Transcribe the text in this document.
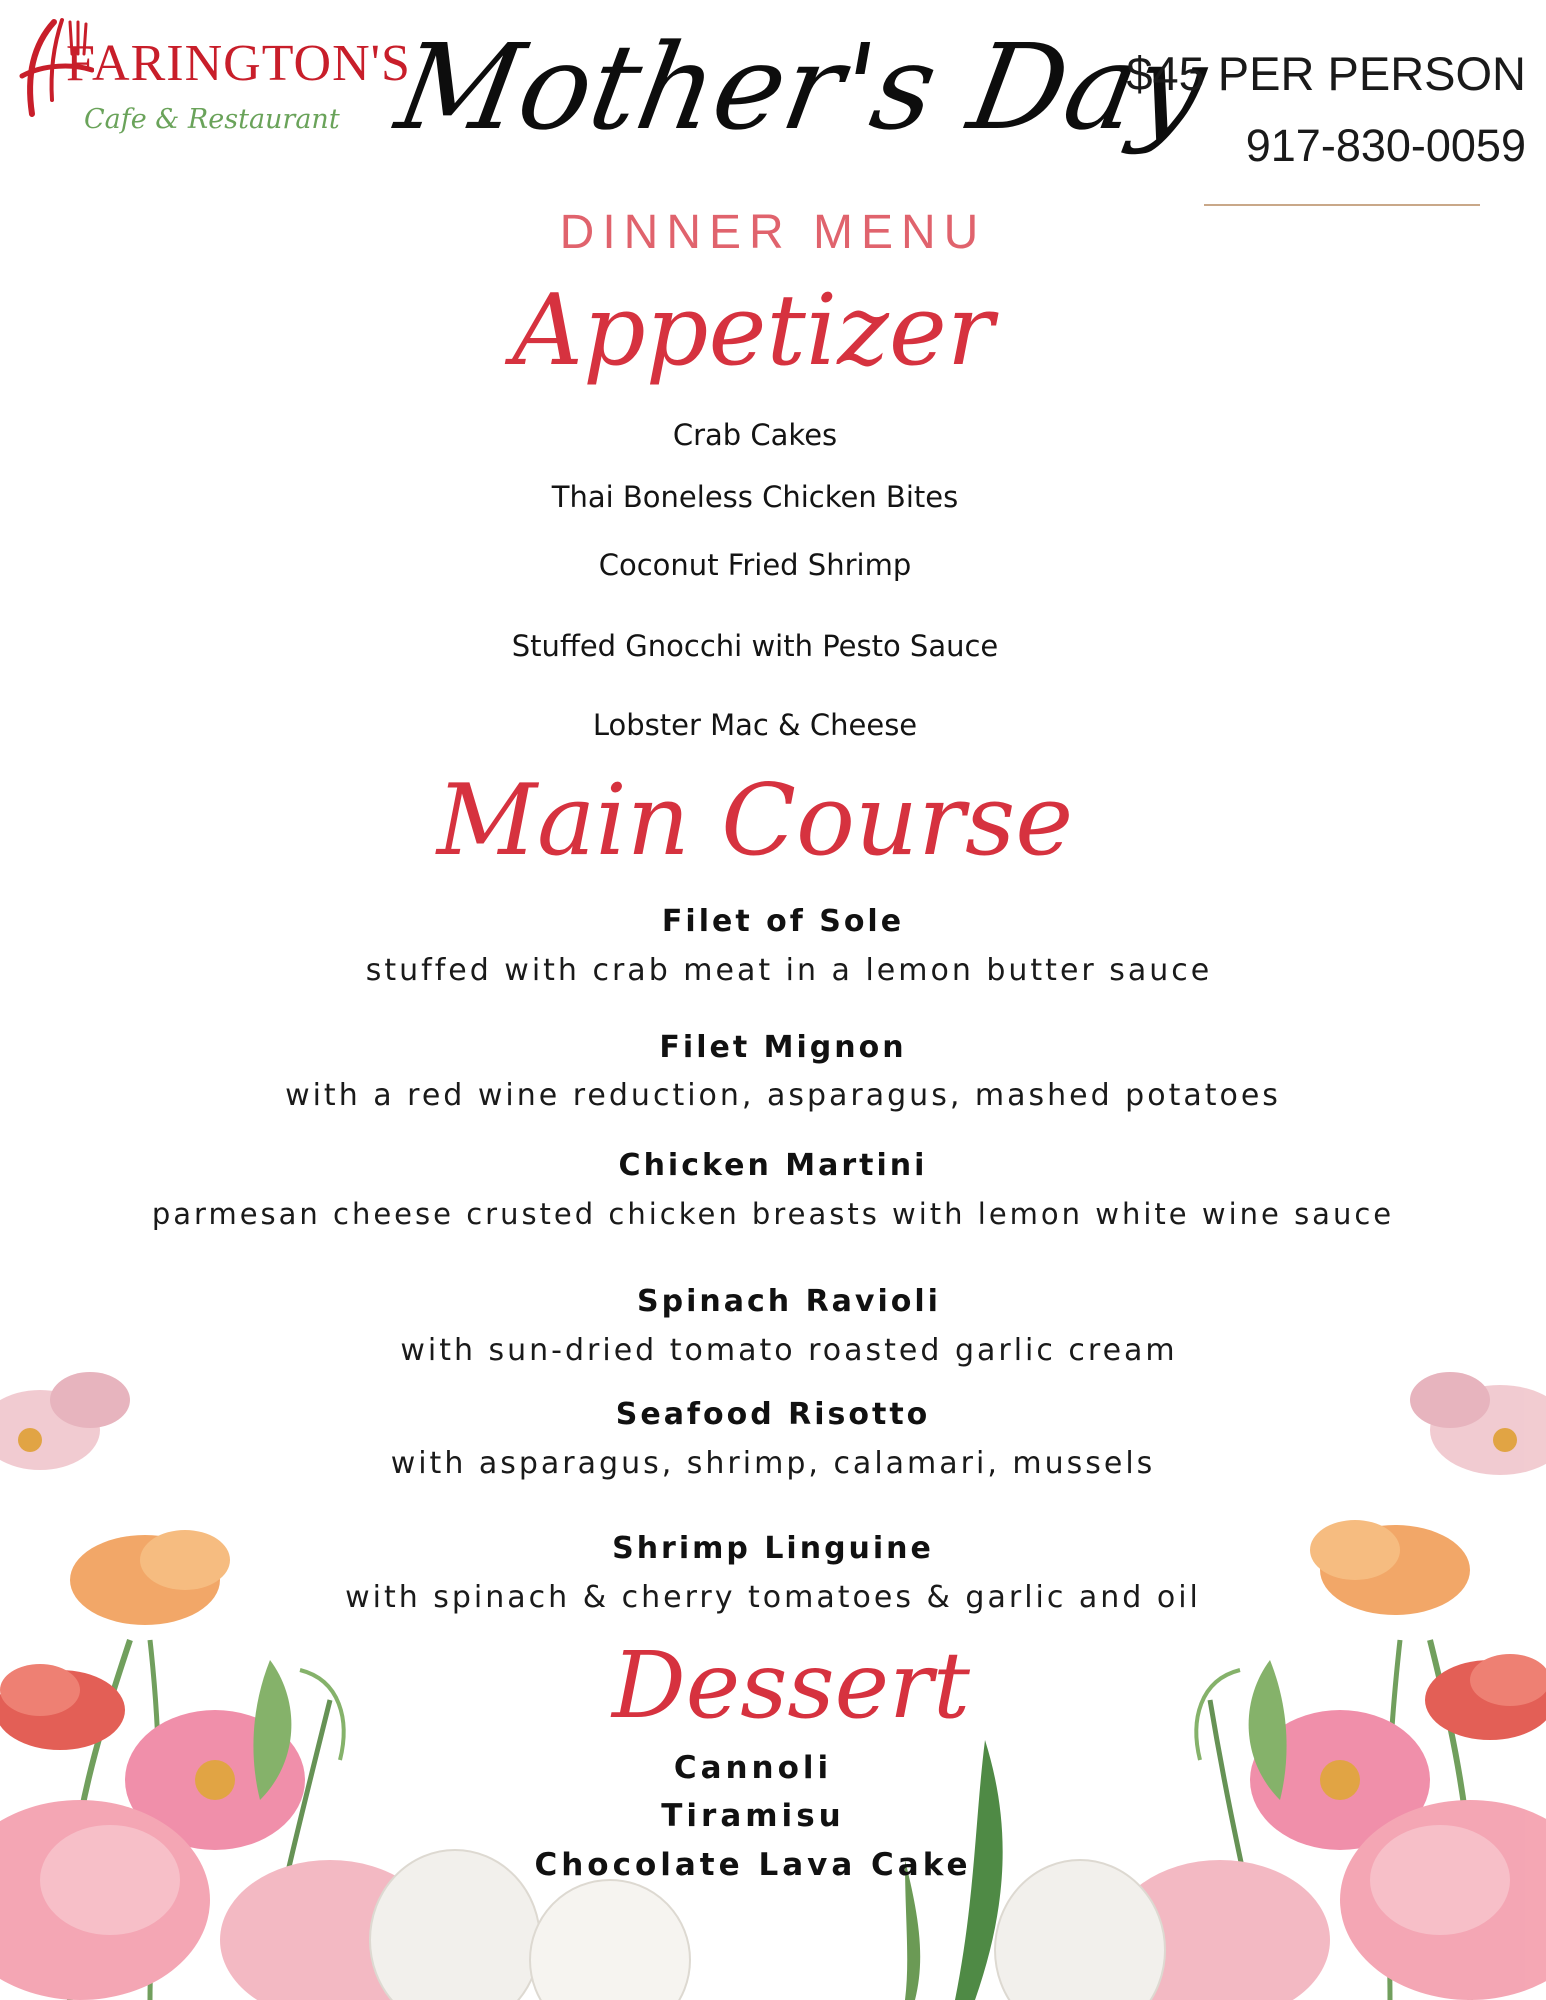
FARINGTON'S
Cafe & Restaurant Mother's Day
$45 PER PERSON
917-830-0059
DINNER MENU
Appetizer
Crab Cakes
Thai Boneless Chicken Bites
Coconut Fried Shrimp
Stuffed Gnocchi with Pesto Sauce
Lobster Mac & Cheese
Main Course
Filet of Sole
stuffed with crab meat in a lemon butter sauce
Filet Mignon
with a red wine reduction, asparagus, mashed potatoes
Chicken Martini
parmesan cheese crusted chicken breasts with lemon white wine sauce
Spinach Ravioli
with sun-dried tomato roasted garlic cream
Seafood Risotto
with asparagus, shrimp, calamari, mussels
Shrimp Linguine
with spinach & cherry tomatoes & garlic and oil
Dessert
Cannoli
Tiramisu
Chocolate Lava Cake
